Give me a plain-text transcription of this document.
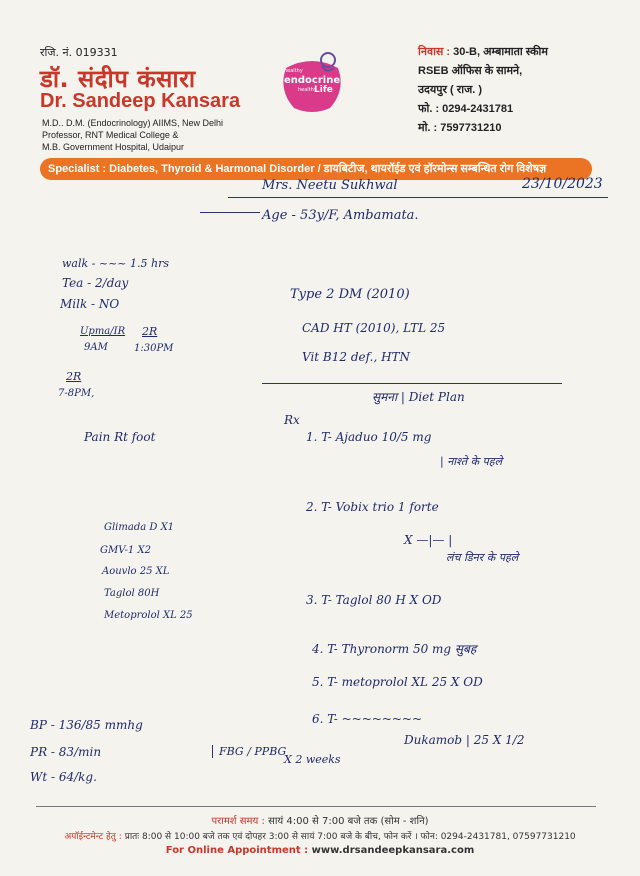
रजि. नं. 019331
डॉ. संदीप कंसारा
Dr. Sandeep Kansara
M.D.. D.M. (Endocrinology) AIIMS, New Delhi
Professor, RNT Medical College &
M.B. Government Hospital, Udaipur
healthy
endocrine
healthy
Life
निवास : 30-B, अम्बामाता स्कीम
RSEB ऑफिस के सामने,
उदयपुर ( राज. )
फो. : 0294-2431781
मो. : 7597731210
Specialist : Diabetes, Thyroid & Harmonal Disorder / डायबिटीज, थायरॉईड एवं हॉरमोन्स सम्बन्धित रोग विशेषज्ञ
Mrs. Neetu Sukhwal	23/10/2023
Age - 53y/F, Ambamata.
walk - ~~~ 1.5 hrs
Tea - 2/day
Milk - NO
Upma/IR
9AM
2R
1:30PM
2R
7-8PM,
Pain Rt foot
Type 2 DM (2010)
CAD HT (2010), LTL 25
Vit B12 def., HTN
सुमना | Diet Plan
Glimada D X1
GMV-1 X2
Aouvlo 25 XL
Taglol 80H
Metoprolol XL 25
Rx
1. T- Ajaduo 10/5 mg
| नाश्ते के पहले
2. T- Vobix trio 1 forte
X —|— |
लंच डिनर के पहले
3. T- Taglol 80 H X OD
4. T- Thyronorm 50 mg सुबह
5. T- metoprolol XL 25 X OD
6. T- ~~~~~~~~
Dukamob | 25 X 1/2
BP - 136/85 mmhg
PR - 83/min
Wt - 64/kg.
FBG / PPBG
X 2 weeks
परामर्श समय : सायं 4:00 से 7:00 बजे तक (सोम - शनि)
अपॉईन्टमेन्ट हेतु : प्रातः 8:00 से 10:00 बजे तक एवं दोपहर 3:00 से सायं 7:00 बजे के बीच, फोन करें । फोन: 0294-2431781, 07597731210
For Online Appointment : www.drsandeepkansara.com
